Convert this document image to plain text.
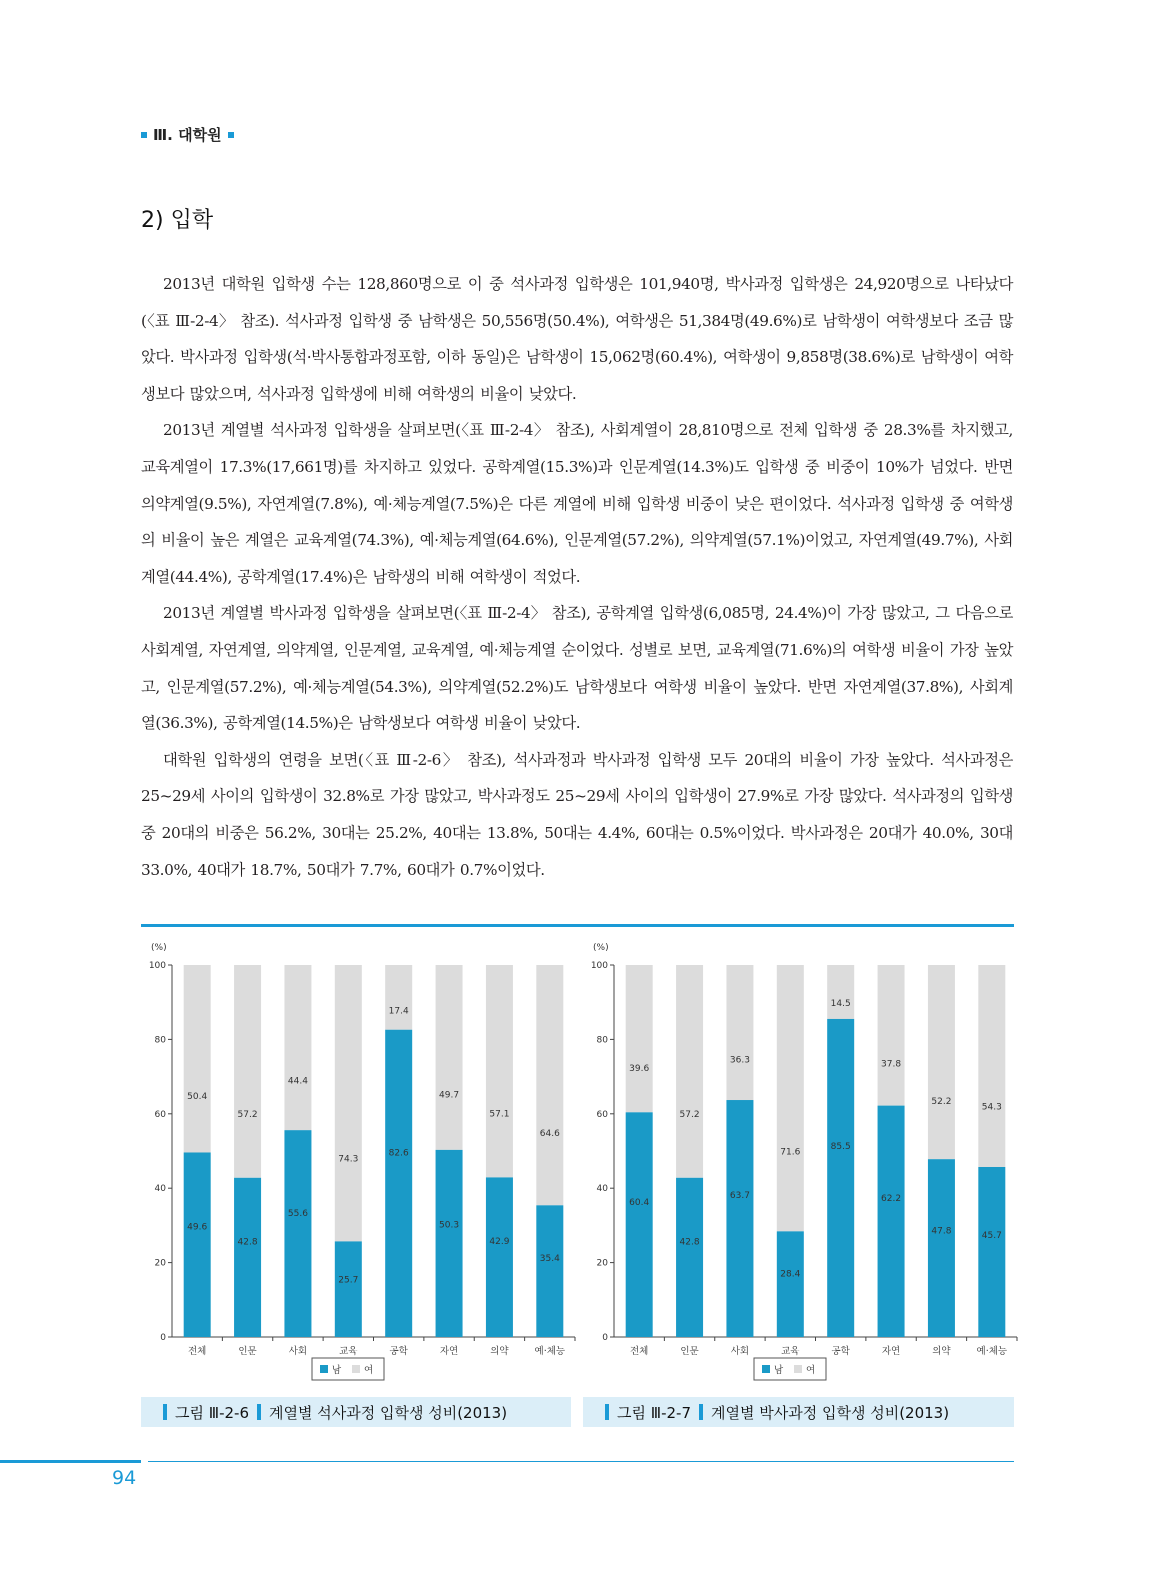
Ⅲ. 대학원
2) 입학

2013년 대학원 입학생 수는 128,860명으로 이 중 석사과정 입학생은 101,940명, 박사과정 입학생은 24,920명으로 나타났다(〈표 Ⅲ-2-4〉 참조). 석사과정 입학생 중 남학생은 50,556명(50.4%), 여학생은 51,384명(49.6%)로 남학생이 여학생보다 조금 많았다. 박사과정 입학생(석·박사통합과정포함, 이하 동일)은 남학생이 15,062명(60.4%), 여학생이 9,858명(38.6%)로 남학생이 여학생보다 많았으며, 석사과정 입학생에 비해 여학생의 비율이 낮았다.

2013년 계열별 석사과정 입학생을 살펴보면(〈표 Ⅲ-2-4〉 참조), 사회계열이 28,810명으로 전체 입학생 중 28.3%를 차지했고, 교육계열이 17.3%(17,661명)를 차지하고 있었다. 공학계열(15.3%)과 인문계열(14.3%)도 입학생 중 비중이 10%가 넘었다. 반면 의약계열(9.5%), 자연계열(7.8%), 예·체능계열(7.5%)은 다른 계열에 비해 입학생 비중이 낮은 편이었다. 석사과정 입학생 중 여학생의 비율이 높은 계열은 교육계열(74.3%), 예·체능계열(64.6%), 인문계열(57.2%), 의약계열(57.1%)이었고, 자연계열(49.7%), 사회계열(44.4%), 공학계열(17.4%)은 남학생의 비해 여학생이 적었다.

2013년 계열별 박사과정 입학생을 살펴보면(〈표 Ⅲ-2-4〉 참조), 공학계열 입학생(6,085명, 24.4%)이 가장 많았고, 그 다음으로 사회계열, 자연계열, 의약계열, 인문계열, 교육계열, 예·체능계열 순이었다. 성별로 보면, 교육계열(71.6%)의 여학생 비율이 가장 높았고, 인문계열(57.2%), 예·체능계열(54.3%), 의약계열(52.2%)도 남학생보다 여학생 비율이 높았다. 반면 자연계열(37.8%), 사회계열(36.3%), 공학계열(14.5%)은 남학생보다 여학생 비율이 낮았다.

대학원 입학생의 연령을 보면(〈표 Ⅲ-2-6〉 참조), 석사과정과 박사과정 입학생 모두 20대의 비율이 가장 높았다. 석사과정은 25~29세 사이의 입학생이 32.8%로 가장 많았고, 박사과정도 25~29세 사이의 입학생이 27.9%로 가장 많았다. 석사과정의 입학생 중 20대의 비중은 56.2%, 30대는 25.2%, 40대는 13.8%, 50대는 4.4%, 60대는 0.5%이었다. 박사과정은 20대가 40.0%, 30대 33.0%, 40대가 18.7%, 50대가 7.7%, 60대가 0.7%이었다.

(%)
0
20
40
60
80
100
49.6
50.4
전체
42.8
57.2
인문
55.6
44.4
사회
25.7
74.3
교육
82.6
17.4
공학
50.3
49.7
자연
42.9
57.1
의약
35.4
64.6
예·체능
남 여
(%)
0
20
40
60
80
100
60.4
39.6
전체
42.8
57.2
인문
63.7
36.3
사회
28.4
71.6
교육
85.5
14.5
공학
62.2
37.8
자연
47.8
52.2
의약
45.7
54.3
예·체능
남 여
그림 Ⅲ-2-6 계열별 석사과정 입학생 성비(2013)	그림 Ⅲ-2-7 계열별 박사과정 입학생 성비(2013)
94
